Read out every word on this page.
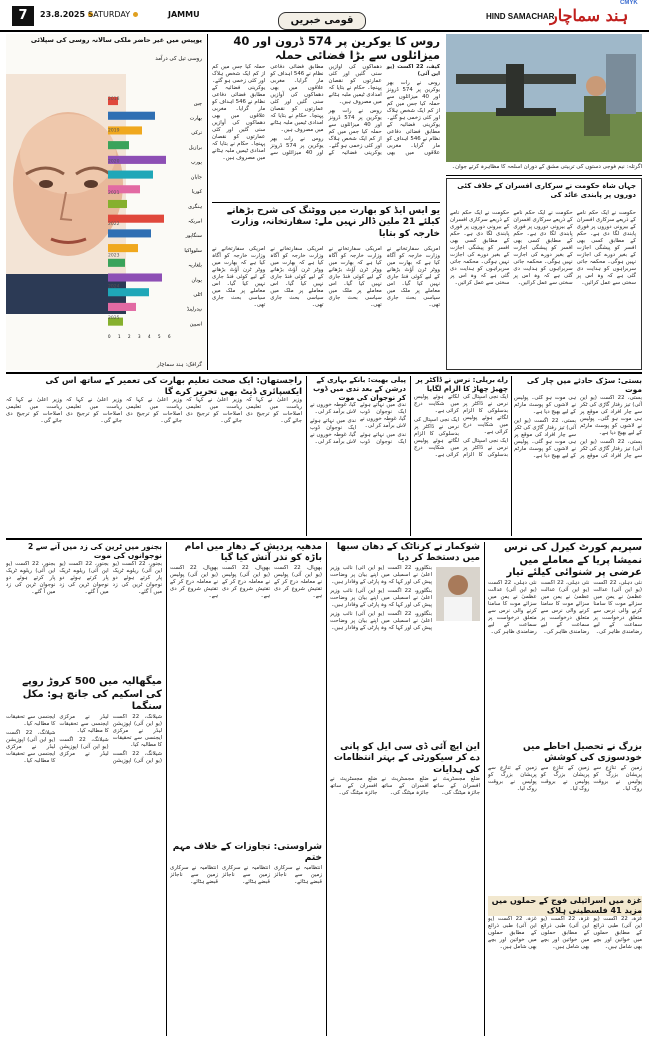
7	23.8.2025 SATURDAY	JAMMU
قومی خبریں	HIND SAMACHAR
ہند سماچار
CMYK
یوپیس میں غیر حاضر ملکی سالانہ روسی کی سپلائی
روسی تیل کی درآمد
چین
بھارت
ترکی
برازیل
یورپ
جاپان
کوریا
ہنگری
امریکہ
سنگاپور
سلوواکیا
بلغاریہ
یونان
اٹلی
نیدرلینڈ
اسپین
2018
2019
2020
2021
2022
2023
2024
2025
0 1 2 3 4 5 6
گرافک: ہند سماچار
روس کا یوکرین پر 574 ڈرون اور 40 میزائلوں سے بڑا فضائی حملہ

کیف، 22 اگست (یو این آئی)

روس نے رات بھر یوکرین پر 574 ڈرونز اور 40 میزائلوں سے حملہ کیا جس میں کم از کم ایک شخص ہلاک اور کئی زخمی ہو گئے۔ یوکرینی فضائیہ کے مطابق فضائی دفاعی نظام نے 546 اہداف کو مار گرایا۔ مغربی علاقوں میں بھی دھماکوں کی آوازیں سنی گئیں اور کئی عمارتوں کو نقصان پہنچا۔ حکام نے بتایا کہ امدادی ٹیمیں ملبہ ہٹانے میں مصروف ہیں۔

روس نے رات بھر یوکرین پر 574 ڈرونز اور 40 میزائلوں سے حملہ کیا جس میں کم از کم ایک شخص ہلاک اور کئی زخمی ہو گئے۔ یوکرینی فضائیہ کے مطابق فضائی دفاعی نظام نے 546 اہداف کو مار گرایا۔ مغربی علاقوں میں بھی دھماکوں کی آوازیں سنی گئیں اور کئی عمارتوں کو نقصان پہنچا۔ حکام نے بتایا کہ امدادی ٹیمیں ملبہ ہٹانے میں مصروف ہیں۔

روس نے رات بھر یوکرین پر 574 ڈرونز اور 40 میزائلوں سے حملہ کیا جس میں کم از کم ایک شخص ہلاک اور کئی زخمی ہو گئے۔ یوکرینی فضائیہ کے مطابق فضائی دفاعی نظام نے 546 اہداف کو مار گرایا۔ مغربی علاقوں میں بھی دھماکوں کی آوازیں سنی گئیں اور کئی عمارتوں کو نقصان پہنچا۔ حکام نے بتایا کہ امدادی ٹیمیں ملبہ ہٹانے میں مصروف ہیں۔

اگرتلہ: نیم فوجی دستوں کی تربیتی مشق کے دوران اسلحہ کا مظاہرہ کرتے جوان۔
جہاں شاہ حکومت نے سرکاری افسران کے خلاف کئی دوروں پر پابندی عائد کی

حکومت نے ایک حکم نامے کے ذریعے سرکاری افسران کے بیرونی دوروں پر فوری پابندی لگا دی ہے۔ حکم کے مطابق کسی بھی افسر کو پیشگی اجازت کے بغیر دورے کی اجازت نہیں ہوگی۔ محکمہ جاتی سربراہوں کو ہدایت دی گئی ہے کہ وہ اس پر سختی سے عمل کرائیں۔

حکومت نے ایک حکم نامے کے ذریعے سرکاری افسران کے بیرونی دوروں پر فوری پابندی لگا دی ہے۔ حکم کے مطابق کسی بھی افسر کو پیشگی اجازت کے بغیر دورے کی اجازت نہیں ہوگی۔ محکمہ جاتی سربراہوں کو ہدایت دی گئی ہے کہ وہ اس پر سختی سے عمل کرائیں۔

حکومت نے ایک حکم نامے کے ذریعے سرکاری افسران کے بیرونی دوروں پر فوری پابندی لگا دی ہے۔ حکم کے مطابق کسی بھی افسر کو پیشگی اجازت کے بغیر دورے کی اجازت نہیں ہوگی۔ محکمہ جاتی سربراہوں کو ہدایت دی گئی ہے کہ وہ اس پر سختی سے عمل کرائیں۔

یو ایس ایڈ کو بھارت میں ووٹنگ کی شرح بڑھانے کیلئے 21 ملین ڈالر نہیں ملے: سفارتخانہ، وزارت خارجہ کو بتایا

امریکی سفارتخانے نے وزارت خارجہ کو آگاہ کیا ہے کہ بھارت میں ووٹر ٹرن آؤٹ بڑھانے کے لیے کوئی فنڈ جاری نہیں کیا گیا۔ اس معاملے پر ملک میں سیاسی بحث جاری تھی۔

امریکی سفارتخانے نے وزارت خارجہ کو آگاہ کیا ہے کہ بھارت میں ووٹر ٹرن آؤٹ بڑھانے کے لیے کوئی فنڈ جاری نہیں کیا گیا۔ اس معاملے پر ملک میں سیاسی بحث جاری تھی۔

امریکی سفارتخانے نے وزارت خارجہ کو آگاہ کیا ہے کہ بھارت میں ووٹر ٹرن آؤٹ بڑھانے کے لیے کوئی فنڈ جاری نہیں کیا گیا۔ اس معاملے پر ملک میں سیاسی بحث جاری تھی۔

امریکی سفارتخانے نے وزارت خارجہ کو آگاہ کیا ہے کہ بھارت میں ووٹر ٹرن آؤٹ بڑھانے کے لیے کوئی فنڈ جاری نہیں کیا گیا۔ اس معاملے پر ملک میں سیاسی بحث جاری تھی۔

بستی: سڑک حادثے میں چار کی موت

بستی، 22 اگست (یو این آئی) تیز رفتار گاڑی کی ٹکر سے چار افراد کی موقع پر ہی موت ہو گئی۔ پولیس نے لاشوں کو پوسٹ مارٹم کے لیے بھیج دیا ہے۔

بستی، 22 اگست (یو این آئی) تیز رفتار گاڑی کی ٹکر سے چار افراد کی موقع پر ہی موت ہو گئی۔ پولیس نے لاشوں کو پوسٹ مارٹم کے لیے بھیج دیا ہے۔

بستی، 22 اگست (یو این آئی) تیز رفتار گاڑی کی ٹکر سے چار افراد کی موقع پر ہی موت ہو گئی۔ پولیس نے لاشوں کو پوسٹ مارٹم کے لیے بھیج دیا ہے۔

راے بریلی: نرس نے ڈاکٹر پر چھیڑ چھاڑ کا الزام لگایا

ایک نجی اسپتال کی نرس نے ڈاکٹر پر بدسلوکی کا الزام لگاتے ہوئے پولیس میں شکایت درج کرائی ہے۔

ایک نجی اسپتال کی نرس نے ڈاکٹر پر بدسلوکی کا الزام لگاتے ہوئے پولیس میں شکایت درج کرائی ہے۔

ایک نجی اسپتال کی نرس نے ڈاکٹر پر بدسلوکی کا الزام لگاتے ہوئے پولیس میں شکایت درج کرائی ہے۔

پیلی بھیت: بانکے بہاری کے درشن کے بعد ندی میں ڈوب کر نوجوان کی موت

ندی میں نہاتے ہوئے ایک نوجوان ڈوب گیا، غوطہ خوروں نے لاش برآمد کر لی۔

ندی میں نہاتے ہوئے ایک نوجوان ڈوب گیا، غوطہ خوروں نے لاش برآمد کر لی۔

ندی میں نہاتے ہوئے ایک نوجوان ڈوب گیا، غوطہ خوروں نے لاش برآمد کر لی۔

راجستھان: ایک صحت تعلیم بھارت کی تعمیر کے ساتھ اس کی ایکسپائری ڈیٹ بھی تحریر کرے گا

وزیر اعلیٰ نے کہا کہ ریاست میں تعلیمی اصلاحات کو ترجیح دی جائے گی۔

وزیر اعلیٰ نے کہا کہ ریاست میں تعلیمی اصلاحات کو ترجیح دی جائے گی۔

وزیر اعلیٰ نے کہا کہ ریاست میں تعلیمی اصلاحات کو ترجیح دی جائے گی۔

وزیر اعلیٰ نے کہا کہ ریاست میں تعلیمی اصلاحات کو ترجیح دی جائے گی۔

وزیر اعلیٰ نے کہا کہ ریاست میں تعلیمی اصلاحات کو ترجیح دی جائے گی۔

سپریم کورٹ کیرل کی نرس نمیشا پریا کے معاملے میں عرضی پر شنوائی کیلئے تیار

نئی دہلی، 22 اگست (یو این آئی) عدالت عظمیٰ نے یمن میں سزائے موت کا سامنا کرنے والی نرس سے متعلق درخواست پر سماعت کے لیے رضامندی ظاہر کی۔

نئی دہلی، 22 اگست (یو این آئی) عدالت عظمیٰ نے یمن میں سزائے موت کا سامنا کرنے والی نرس سے متعلق درخواست پر سماعت کے لیے رضامندی ظاہر کی۔

نئی دہلی، 22 اگست (یو این آئی) عدالت عظمیٰ نے یمن میں سزائے موت کا سامنا کرنے والی نرس سے متعلق درخواست پر سماعت کے لیے رضامندی ظاہر کی۔

بزرگ نے تحصیل احاطے میں خودسوزی کی کوشش

زمین کے تنازع سے پریشان بزرگ کو پولیس نے بروقت روک لیا۔

زمین کے تنازع سے پریشان بزرگ کو پولیس نے بروقت روک لیا۔

زمین کے تنازع سے پریشان بزرگ کو پولیس نے بروقت روک لیا۔

غزہ میں اسرائیلی فوج کے حملوں میں مزید 41 فلسطینی ہلاک

غزہ، 22 اگست (یو این آئی) طبی ذرائع کے مطابق حملوں میں خواتین اور بچے بھی شامل ہیں۔

غزہ، 22 اگست (یو این آئی) طبی ذرائع کے مطابق حملوں میں خواتین اور بچے بھی شامل ہیں۔

غزہ، 22 اگست (یو این آئی) طبی ذرائع کے مطابق حملوں میں خواتین اور بچے بھی شامل ہیں۔

شوکمار نے کرناٹک کے دھان سبھا میں دستخط کر دیا

بنگلورو، 22 اگست (یو این آئی) نائب وزیر اعلیٰ نے اسمبلی میں اپنے بیان پر وضاحت پیش کی اور کہا کہ وہ پارٹی کے وفادار ہیں۔

بنگلورو، 22 اگست (یو این آئی) نائب وزیر اعلیٰ نے اسمبلی میں اپنے بیان پر وضاحت پیش کی اور کہا کہ وہ پارٹی کے وفادار ہیں۔

بنگلورو، 22 اگست (یو این آئی) نائب وزیر اعلیٰ نے اسمبلی میں اپنے بیان پر وضاحت پیش کی اور کہا کہ وہ پارٹی کے وفادار ہیں۔

این ایچ آئی ڈی سی ایل کو پانی دے کر سیکورٹی کے بہتر انتظامات کی ہدایات

ضلع مجسٹریٹ نے افسران کے ساتھ جائزہ میٹنگ کی۔

ضلع مجسٹریٹ نے افسران کے ساتھ جائزہ میٹنگ کی۔

ضلع مجسٹریٹ نے افسران کے ساتھ جائزہ میٹنگ کی۔

مدھیہ پردیش کے دھار میں امام باڑہ کو نذر آتش کیا گیا

بھوپال، 22 اگست (یو این آئی) پولیس نے معاملہ درج کر کے تفتیش شروع کر دی ہے۔

بھوپال، 22 اگست (یو این آئی) پولیس نے معاملہ درج کر کے تفتیش شروع کر دی ہے۔

بھوپال، 22 اگست (یو این آئی) پولیس نے معاملہ درج کر کے تفتیش شروع کر دی ہے۔

شراوستی: تجاوزات کے خلاف مہم ختم

انتظامیہ نے سرکاری زمین سے ناجائز قبضے ہٹائے۔

انتظامیہ نے سرکاری زمین سے ناجائز قبضے ہٹائے۔

انتظامیہ نے سرکاری زمین سے ناجائز قبضے ہٹائے۔

بجنور میں ٹرین کی زد میں آنے سے 2 نوجوانوں کی موت

بجنور، 22 اگست (یو این آئی) ریلوے ٹریک پار کرتے ہوئے دو نوجوان ٹرین کی زد میں آ گئے۔

بجنور، 22 اگست (یو این آئی) ریلوے ٹریک پار کرتے ہوئے دو نوجوان ٹرین کی زد میں آ گئے۔

بجنور، 22 اگست (یو این آئی) ریلوے ٹریک پار کرتے ہوئے دو نوجوان ٹرین کی زد میں آ گئے۔

میگھالیہ میں 500 کروڑ روپے کی اسکیم کی جانچ ہو: مکل سنگما

شیلانگ، 22 اگست (یو این آئی) اپوزیشن لیڈر نے مرکزی ایجنسی سے تحقیقات کا مطالبہ کیا۔

شیلانگ، 22 اگست (یو این آئی) اپوزیشن لیڈر نے مرکزی ایجنسی سے تحقیقات کا مطالبہ کیا۔

شیلانگ، 22 اگست (یو این آئی) اپوزیشن لیڈر نے مرکزی ایجنسی سے تحقیقات کا مطالبہ کیا۔

شیلانگ، 22 اگست (یو این آئی) اپوزیشن لیڈر نے مرکزی ایجنسی سے تحقیقات کا مطالبہ کیا۔
